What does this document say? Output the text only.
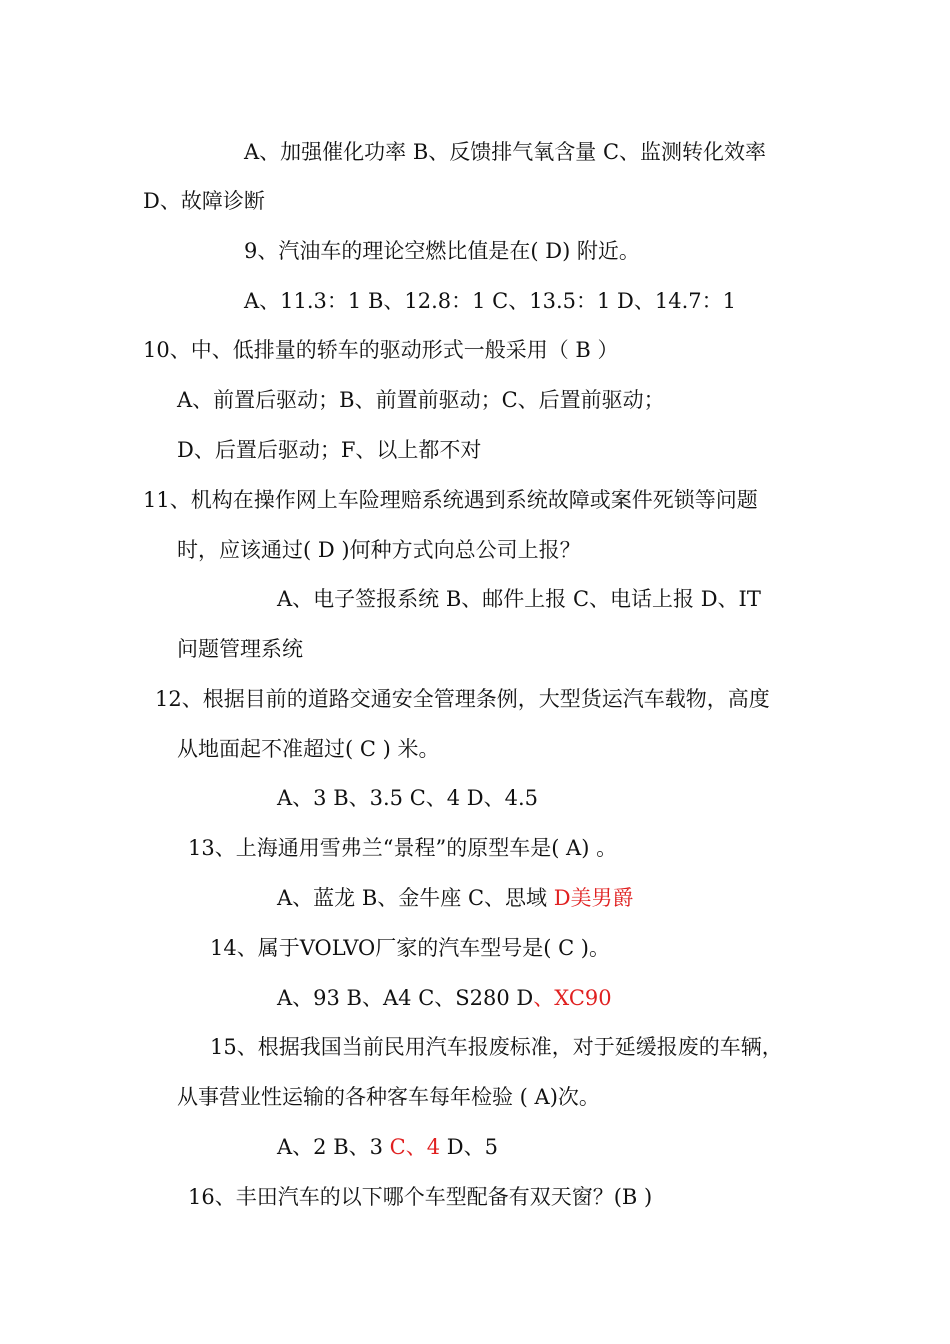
A、加强催化功率 B、反馈排气氧含量 C、监测转化效率
D、故障诊断
9、汽油车的理论空燃比值是在( D) 附近。
A、11.3：1 B、12.8：1 C、13.5：1 D、14.7：1
10、中、低排量的轿车的驱动形式一般采用（ B ）
A、前置后驱动；B、前置前驱动；C、后置前驱动；
D、后置后驱动；F、以上都不对
11、机构在操作网上车险理赔系统遇到系统故障或案件死锁等问题
时，应该通过( D )何种方式向总公司上报？
A、电子签报系统 B、邮件上报 C、电话上报 D、IT
问题管理系统
12、根据目前的道路交通安全管理条例，大型货运汽车载物，高度
从地面起不准超过( C ) 米。
A、3 B、3.5 C、4 D、4.5
13、上海通用雪弗兰“景程”的原型车是( A) 。
A、蓝龙 B、金牛座 C、思域 D美男爵
14、属于VOLVO厂家的汽车型号是( C )。
A、93 B、A4 C、S280 D、XC90
15、根据我国当前民用汽车报废标准，对于延缓报废的车辆，
从事营业性运输的各种客车每年检验 ( A)次。
A、2 B、3 C、4 D、5
16、丰田汽车的以下哪个车型配备有双天窗？(B )
